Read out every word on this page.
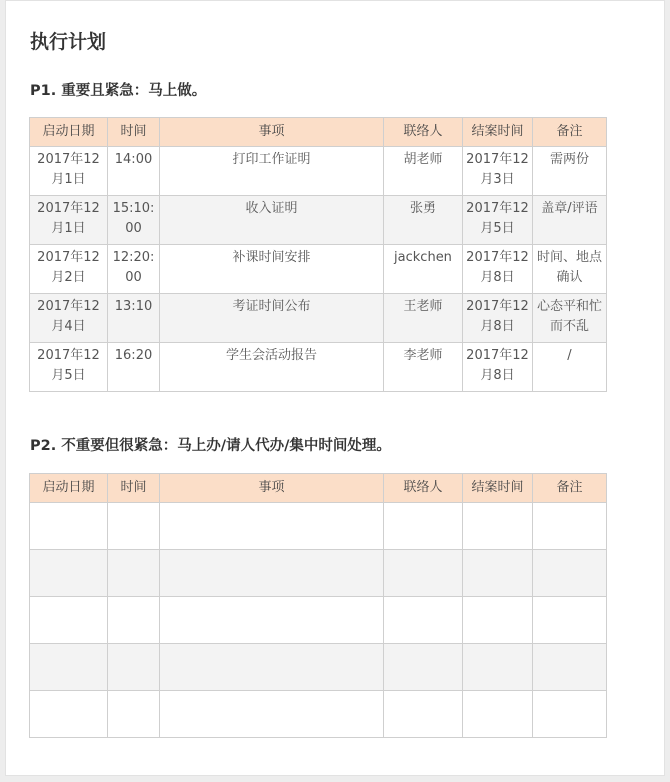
执行计划
P1. 重要且紧急：马上做。
启动日期	时间	事项	联络人	结案时间	备注
2017年12月1日	14:00	打印工作证明	胡老师	2017年12月3日	需两份
2017年12月1日	15:10:00	收入证明	张勇	2017年12月5日	盖章/评语
2017年12月2日	12:20:00	补课时间安排	jackchen	2017年12月8日	时间、地点确认
2017年12月4日	13:10	考证时间公布	王老师	2017年12月8日	心态平和忙而不乱
2017年12月5日	16:20	学生会活动报告	李老师	2017年12月8日	/
P2. 不重要但很紧急：马上办/请人代办/集中时间处理。
启动日期	时间	事项	联络人	结案时间	备注
